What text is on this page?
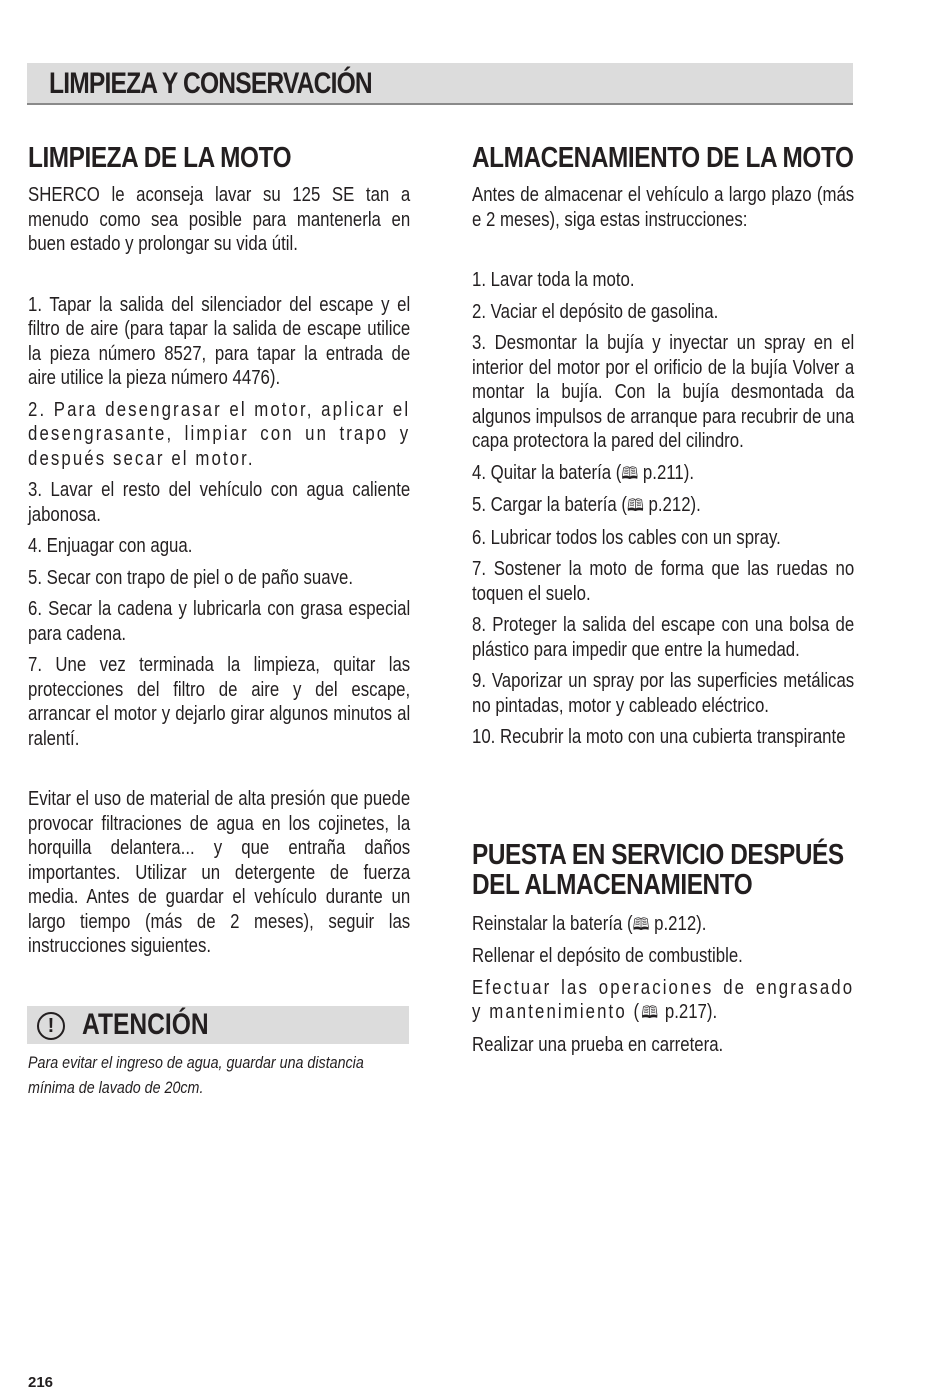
LIMPIEZA Y CONSERVACIÓN
LIMPIEZA DE LA MOTO

SHERCO le aconseja lavar su 125 SE tan a menudo como sea posible para mantenerla en buen estado y prolongar su vida útil.

1. Tapar la salida del silenciador del escape y el filtro de aire (para tapar la salida de escape utilice la pieza número 8527, para tapar la entrada de aire utilice la pieza número 4476).

2. Para desengrasar el motor, aplicar el desengrasante, limpiar con un trapo y después secar el motor.

3. Lavar el resto del vehículo con agua caliente jabonosa.

4. Enjuagar con agua.

5. Secar con trapo de piel o de paño suave.

6. Secar la cadena y lubricarla con grasa especial para cadena.

7. Une vez terminada la limpieza, quitar las protecciones del filtro de aire y del escape, arrancar el motor y dejarlo girar algunos minutos al ralentí.

Evitar el uso de material de alta presión que puede provocar filtraciones de agua en los cojinetes, la horquilla delantera... y que entraña daños importantes. Utilizar un detergente de fuerza media. Antes de guardar el vehículo durante un largo tiempo (más de 2 meses), seguir las instrucciones siguientes.

! ATENCIÓN

Para evitar el ingreso de agua, guardar una distancia mínima de lavado de 20cm.

ALMACENAMIENTO DE LA MOTO

Antes de almacenar el vehículo a largo plazo (más e 2 meses), siga estas instrucciones:

1. Lavar toda la moto.

2. Vaciar el depósito de gasolina.

3. Desmontar la bujía y inyectar un spray en el interior del motor por el orificio de la bujía Volver a montar la bujía. Con la bujía desmontada da algunos impulsos de arranque para recubrir de una capa protectora la pared del cilindro.

4. Quitar la batería (🕮 p.211).

5. Cargar la batería (🕮 p.212).

6. Lubricar todos los cables con un spray.

7. Sostener la moto de forma que las ruedas no toquen el suelo.

8. Proteger la salida del escape con una bolsa de plástico para impedir que entre la humedad.

9. Vaporizar un spray por las superficies metálicas no pintadas, motor y cableado eléctrico.

10. Recubrir la moto con una cubierta transpirante

PUESTA EN SERVICIO DESPUÉS DEL ALMACENAMIENTO

Reinstalar la batería (🕮 p.212).

Rellenar el depósito de combustible.

Efectuar las operaciones de engrasado y mantenimiento (🕮 p.217).

Realizar una prueba en carretera.

216
